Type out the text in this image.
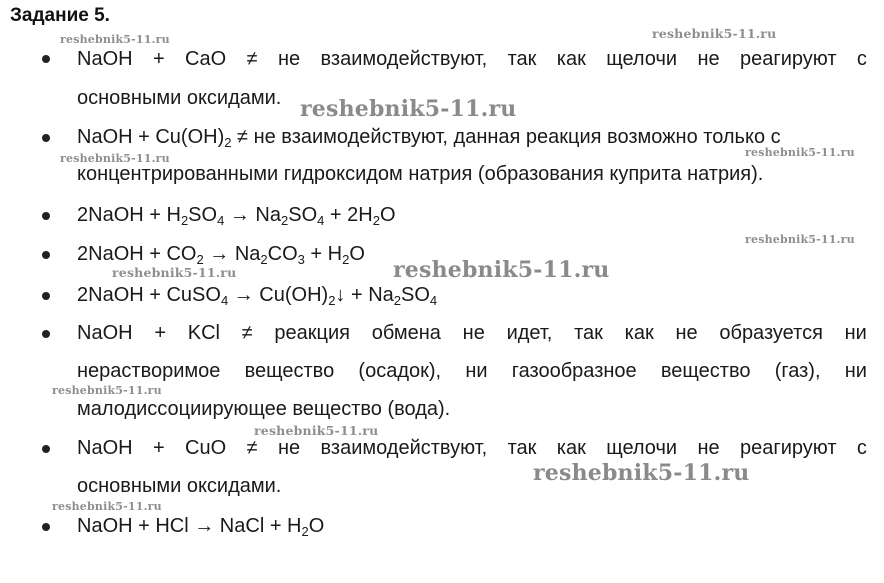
Задание 5.
NaOH + CaO ≠ не взаимодействуют, так как щелочи не реагируют с
основными оксидами.
NaOH + $Cu(OH)_2$ ≠ не взаимодействуют, данная реакция возможно только с
концентрированными гидроксидом натрия (образования куприта натрия).
2NaOH + $H_2SO_4 \to Na_2SO_4 + 2H_2O$
2NaOH + $CO_2 \to Na_2CO_3 + H_2O$
2NaOH + CuSO$_4$ → $Cu(OH)_2↓ + Na_2SO_4$
NaOH + KCl ≠ реакция обмена не идет, так как не образуется ни
нерастворимое вещество (осадок), ни газообразное вещество (газ), ни
малодиссоциирующее вещество (вода).
NaOH + CuO ≠ не взаимодействуют, так как щелочи не реагируют с
основными оксидами.
NaOH + HCl → NaCl + $H_2O$
reshebnik5-11.ru
reshebnik5-11.ru
reshebnik5-11.ru
reshebnik5-11.ru	reshebnik5-11.ru
reshebnik5-11.ru
reshebnik5-11.ru	reshebnik5-11.ru
reshebnik5-11.ru
reshebnik5-11.ru
reshebnik5-11.ru
reshebnik5-11.ru
